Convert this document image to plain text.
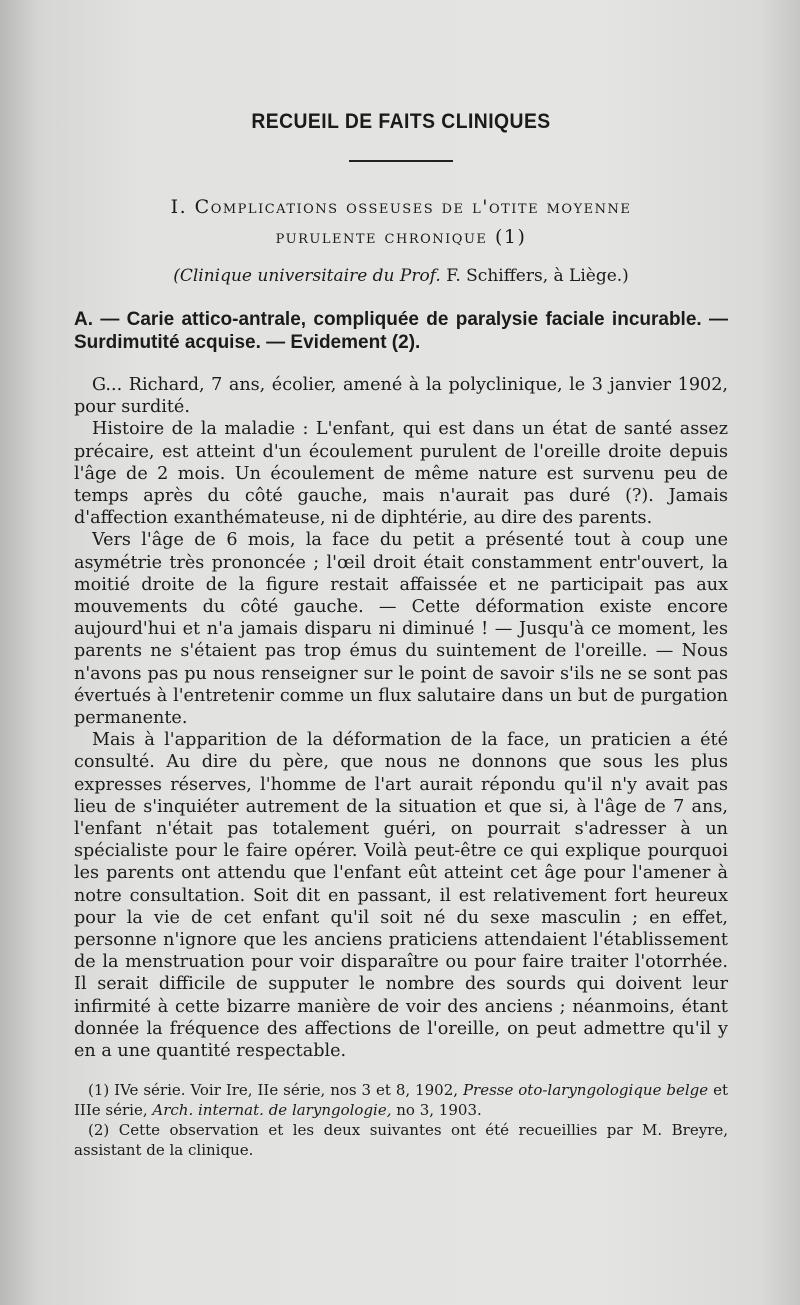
RECUEIL DE FAITS CLINIQUES
I. Complications osseuses de l'otite moyenne
purulente chronique (1)
(Clinique universitaire du Prof. F. Schiffers, à Liège.)
A. — Carie attico-antrale, compliquée de paralysie faciale incurable. — Surdimutité acquise. — Evidement (2).

G... Richard, 7 ans, écolier, amené à la polyclinique, le 3 janvier 1902, pour surdité.

Histoire de la maladie : L'enfant, qui est dans un état de santé assez précaire, est atteint d'un écoulement purulent de l'oreille droite depuis l'âge de 2 mois. Un écoulement de même nature est survenu peu de temps après du côté gauche, mais n'aurait pas duré (?). Jamais d'affection exanthémateuse, ni de diphtérie, au dire des parents.

Vers l'âge de 6 mois, la face du petit a présenté tout à coup une asymétrie très prononcée ; l'œil droit était constamment entr'ouvert, la moitié droite de la figure restait affaissée et ne participait pas aux mouvements du côté gauche. — Cette déformation existe encore aujourd'hui et n'a jamais disparu ni diminué ! — Jusqu'à ce moment, les parents ne s'étaient pas trop émus du suintement de l'oreille. — Nous n'avons pas pu nous renseigner sur le point de savoir s'ils ne se sont pas évertués à l'entretenir comme un flux salutaire dans un but de purgation permanente.

Mais à l'apparition de la déformation de la face, un praticien a été consulté. Au dire du père, que nous ne donnons que sous les plus expresses réserves, l'homme de l'art aurait répondu qu'il n'y avait pas lieu de s'inquiéter autrement de la situation et que si, à l'âge de 7 ans, l'enfant n'était pas totalement guéri, on pourrait s'adresser à un spécialiste pour le faire opérer. Voilà peut-être ce qui explique pourquoi les parents ont attendu que l'enfant eût atteint cet âge pour l'amener à notre consultation. Soit dit en passant, il est relativement fort heureux pour la vie de cet enfant qu'il soit né du sexe masculin ; en effet, personne n'ignore que les anciens praticiens attendaient l'établissement de la menstruation pour voir disparaître ou pour faire traiter l'otorrhée. Il serait difficile de supputer le nombre des sourds qui doivent leur infirmité à cette bizarre manière de voir des anciens ; néanmoins, étant donnée la fréquence des affections de l'oreille, on peut admettre qu'il y en a une quantité respectable.

(1) IVe série. Voir Ire, IIe série, nos 3 et 8, 1902, Presse oto-laryngologique belge et IIIe série, Arch. internat. de laryngologie, no 3, 1903.

(2) Cette observation et les deux suivantes ont été recueillies par M. Breyre, assistant de la clinique.
